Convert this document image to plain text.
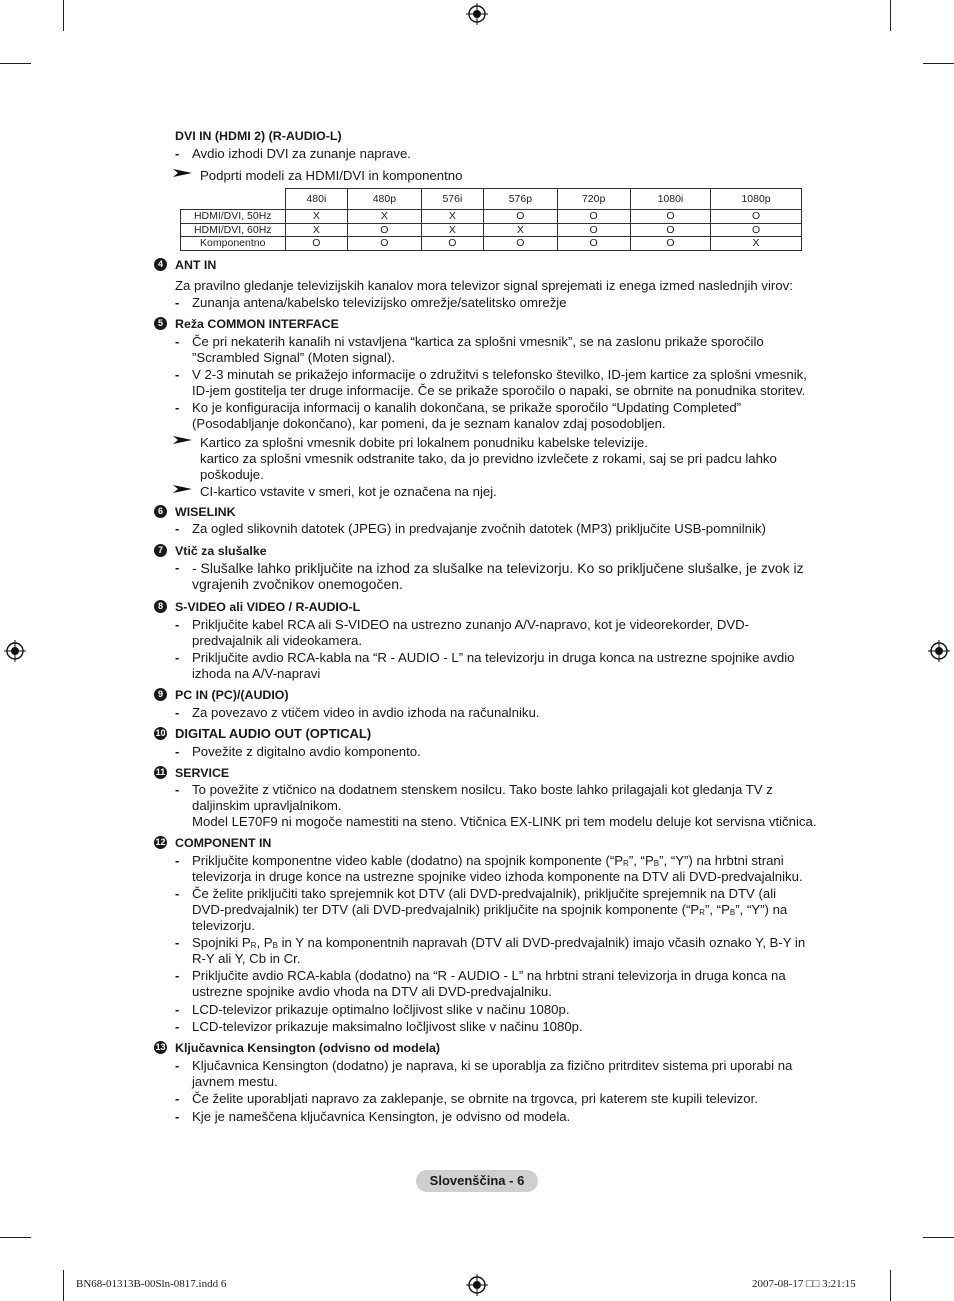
DVI IN (HDMI 2) (R-AUDIO-L)
- Avdio izhodi DVI za zunanje naprave.
Podprti modeli za HDMI/DVI in komponentno
	480i	480p	576i	576p	720p	1080i	1080p
HDMI/DVI, 50Hz	X	X	X	O	O	O	O
HDMI/DVI, 60Hz	X	O	X	X	O	O	O
Komponentno	O	O	O	O	O	O	X
4 ANT IN
Za pravilno gledanje televizijskih kanalov mora televizor signal sprejemati iz enega izmed naslednjih virov:
- Zunanja antena/kabelsko televizijsko omrežje/satelitsko omrežje
5 Reža COMMON INTERFACE
- Če pri nekaterih kanalih ni vstavljena “kartica za splošni vmesnik”, se na zaslonu prikaže sporočilo
”Scrambled Signal” (Moten signal).
- V 2-3 minutah se prikažejo informacije o združitvi s telefonsko številko, ID-jem kartice za splošni vmesnik,
ID-jem gostitelja ter druge informacije. Če se prikaže sporočilo o napaki, se obrnite na ponudnika storitev.
- Ko je konfiguracija informacij o kanalih dokončana, se prikaže sporočilo “Updating Completed”
(Posodabljanje dokončano), kar pomeni, da je seznam kanalov zdaj posodobljen.
Kartico za splošni vmesnik dobite pri lokalnem ponudniku kabelske televizije.
kartico za splošni vmesnik odstranite tako, da jo previdno izvlečete z rokami, saj se pri padcu lahko
poškoduje.
CI-kartico vstavite v smeri, kot je označena na njej.
6 WISELINK
- Za ogled slikovnih datotek (JPEG) in predvajanje zvočnih datotek (MP3) priključite USB-pomnilnik)
7 Vtič za slušalke
- - Slušalke lahko priključite na izhod za slušalke na televizorju. Ko so priključene slušalke, je zvok iz
vgrajenih zvočnikov onemogočen.
8 S-VIDEO ali VIDEO / R-AUDIO-L
- Priključite kabel RCA ali S-VIDEO na ustrezno zunanjo A/V-napravo, kot je videorekorder, DVD-
predvajalnik ali videokamera.
- Priključite avdio RCA-kabla na “R - AUDIO - L” na televizorju in druga konca na ustrezne spojnike avdio
izhoda na A/V-napravi
9 PC IN (PC)/(AUDIO)
- Za povezavo z vtičem video in avdio izhoda na računalniku.
10 DIGITAL AUDIO OUT (OPTICAL)
- Povežite z digitalno avdio komponento.
11 SERVICE
- To povežite z vtičnico na dodatnem stenskem nosilcu. Tako boste lahko prilagajali kot gledanja TV z
daljinskim upravljalnikom.
Model LE70F9 ni mogoče namestiti na steno. Vtičnica EX-LINK pri tem modelu deluje kot servisna vtičnica.
12 COMPONENT IN
- Priključite komponentne video kable (dodatno) na spojnik komponente (“$P_R$”, “$P_B$”, “Y”) na hrbtni strani
televizorja in druge konce na ustrezne spojnike video izhoda komponente na DTV ali DVD-predvajalniku.
- Če želite priključiti tako sprejemnik kot DTV (ali DVD-predvajalnik), priključite sprejemnik na DTV (ali
DVD-predvajalnik) ter DTV (ali DVD-predvajalnik) priključite na spojnik komponente (“$P_R$”, “$P_B$”, “Y”) na
televizorju.
- Spojniki $P_R$, $P_B$ in Y na komponentnih napravah (DTV ali DVD-predvajalnik) imajo včasih oznako Y, B-Y in
R-Y ali Y, Cb in Cr.
- Priključite avdio RCA-kabla (dodatno) na “R - AUDIO - L” na hrbtni strani televizorja in druga konca na
ustrezne spojnike avdio vhoda na DTV ali DVD-predvajalniku.
- LCD-televizor prikazuje optimalno ločljivost slike v načinu 1080p.
- LCD-televizor prikazuje maksimalno ločljivost slike v načinu 1080p.
13 Ključavnica Kensington (odvisno od modela)
- Ključavnica Kensington (dodatno) je naprava, ki se uporablja za fizično pritrditev sistema pri uporabi na
javnem mestu.
- Če želite uporabljati napravo za zaklepanje, se obrnite na trgovca, pri katerem ste kupili televizor.
- Kje je nameščena ključavnica Kensington, je odvisno od modela.
Slovenščina - 6
BN68-01313B-00Sln-0817.indd 6	2007-08-17 □□ 3:21:15
